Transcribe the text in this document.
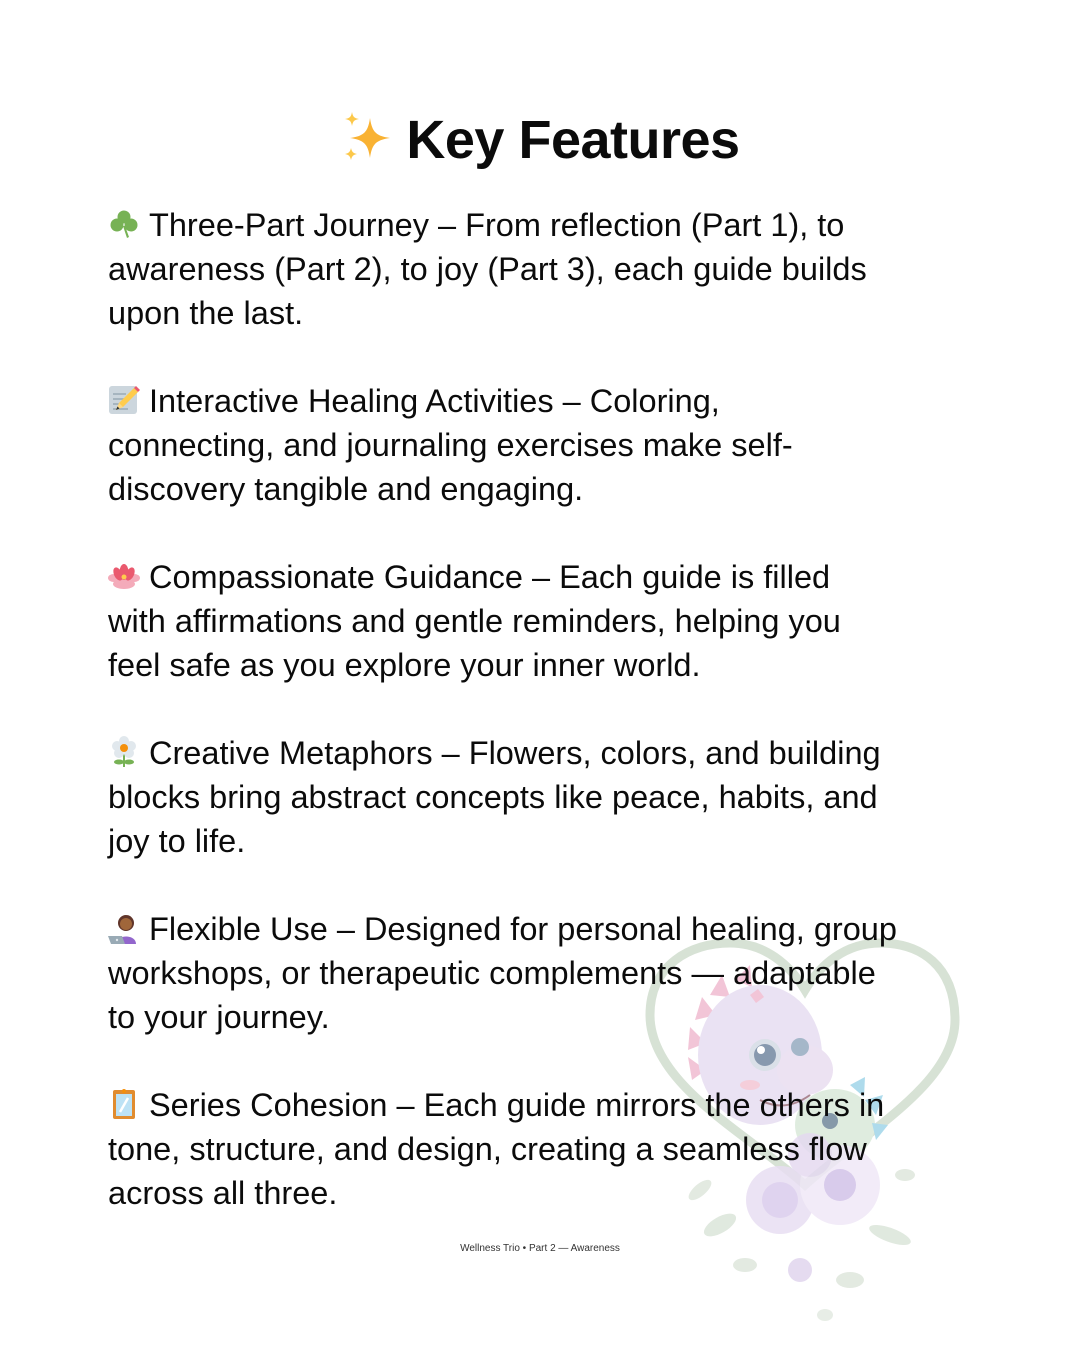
Key Features
Three-Part Journey – From reflection (Part 1), to
awareness (Part 2), to joy (Part 3), each guide builds
upon the last.
Interactive Healing Activities – Coloring,
connecting, and journaling exercises make self-
discovery tangible and engaging.
Compassionate Guidance – Each guide is filled
with affirmations and gentle reminders, helping you
feel safe as you explore your inner world.
Creative Metaphors – Flowers, colors, and building
blocks bring abstract concepts like peace, habits, and
joy to life.
Flexible Use – Designed for personal healing, group
workshops, or therapeutic complements — adaptable
to your journey.
Series Cohesion – Each guide mirrors the others in
tone, structure, and design, creating a seamless flow
across all three.
Wellness Trio • Part 2 — Awareness
